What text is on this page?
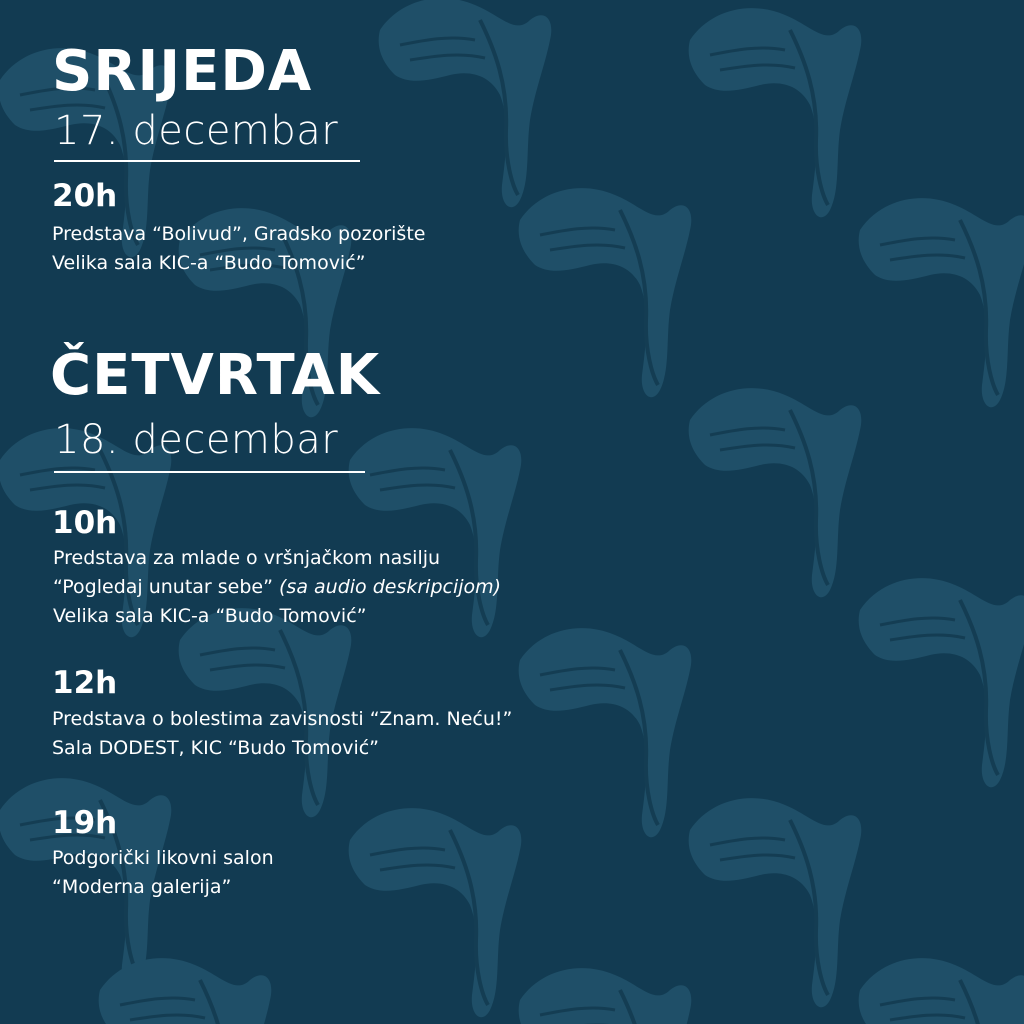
SRIJEDA
17. decembar
20h
Predstava “Bolivud”, Gradsko pozorište
Velika sala KIC-a “Budo Tomović”
ČETVRTAK
18. decembar
10h
Predstava za mlade o vršnjačkom nasilju
“Pogledaj unutar sebe” (sa audio deskripcijom)
Velika sala KIC-a “Budo Tomović”
12h
Predstava o bolestima zavisnosti “Znam. Neću!”
Sala DODEST, KIC “Budo Tomović”
19h
Podgorički likovni salon
“Moderna galerija”
